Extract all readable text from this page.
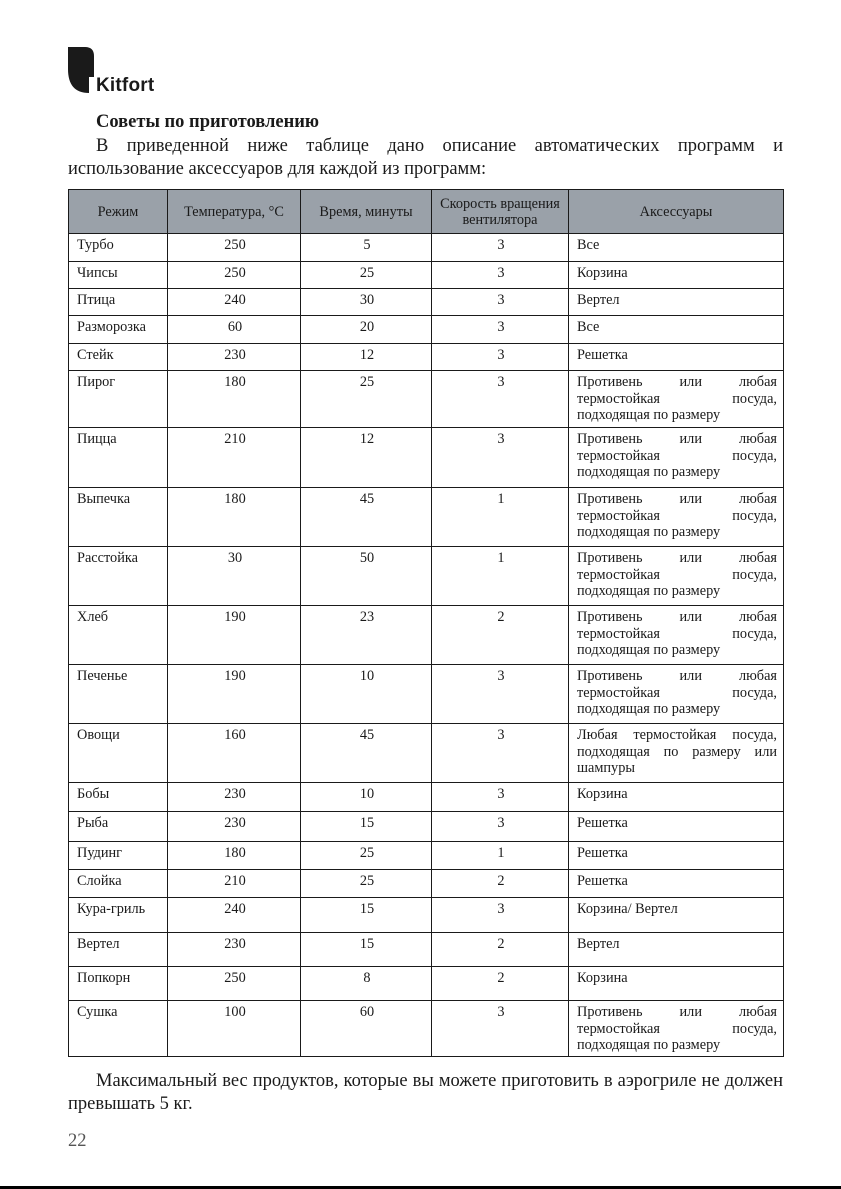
Kitfort
Советы по приготовлению

В приведенной ниже таблице дано описание автоматических программ и использование аксессуаров для каждой из программ:

Режим	Температура, °С	Время, минуты	Скорость вращения вентилятора	Аксессуары
Турбо	250	5	3	Все
Чипсы	250	25	3	Корзина
Птица	240	30	3	Вертел
Разморозка	60	20	3	Все
Стейк	230	12	3	Решетка
Пирог	180	25	3	Противень или любая термостойкая посуда, подходящая по размеру
Пицца	210	12	3	Противень или любая термостойкая посуда, подходящая по размеру
Выпечка	180	45	1	Противень или любая термостойкая посуда, подходящая по размеру
Расстойка	30	50	1	Противень или любая термостойкая посуда, подходящая по размеру
Хлеб	190	23	2	Противень или любая термостойкая посуда, подходящая по размеру
Печенье	190	10	3	Противень или любая термостойкая посуда, подходящая по размеру
Овощи	160	45	3	Любая термостойкая посуда, подходящая по размеру или шампуры
Бобы	230	10	3	Корзина
Рыба	230	15	3	Решетка
Пудинг	180	25	1	Решетка
Слойка	210	25	2	Решетка
Кура-гриль	240	15	3	Корзина/ Вертел
Вертел	230	15	2	Вертел
Попкорн	250	8	2	Корзина
Сушка	100	60	3	Противень или любая термостойкая посуда, подходящая по размеру

Максимальный вес продуктов, которые вы можете приготовить в аэрогриле не должен превышать 5 кг.

22
